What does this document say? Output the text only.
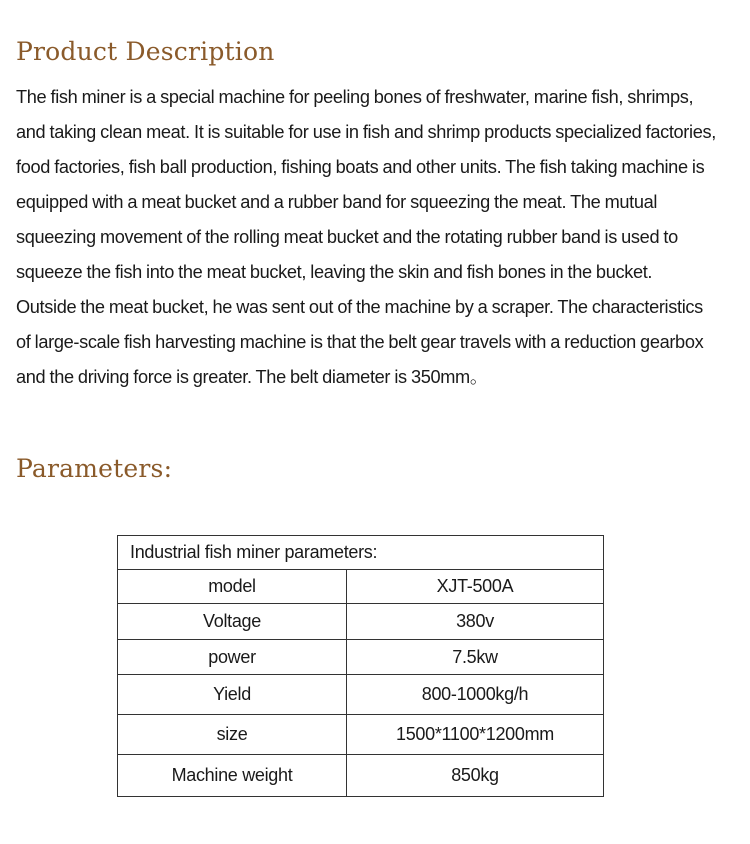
Product Description

The fish miner is a special machine for peeling bones of freshwater, marine fish, shrimps, and taking clean meat. It is suitable for use in fish and shrimp products specialized factories, food factories, fish ball production, fishing boats and other units. The fish taking machine is equipped with a meat bucket and a rubber band for squeezing the meat. The mutual squeezing movement of the rolling meat bucket and the rotating rubber band is used to squeeze the fish into the meat bucket, leaving the skin and fish bones in the bucket. Outside the meat bucket, he was sent out of the machine by a scraper. The characteristics of large-scale fish harvesting machine is that the belt gear travels with a reduction gearbox and the driving force is greater. The belt diameter is 350mm。

Parameters:
Industrial fish miner parameters:	
model	XJT-500A
Voltage	380v
power	7.5kw
Yield	800-1000kg/h
size	1500*1100*1200mm
Machine weight	850kg
